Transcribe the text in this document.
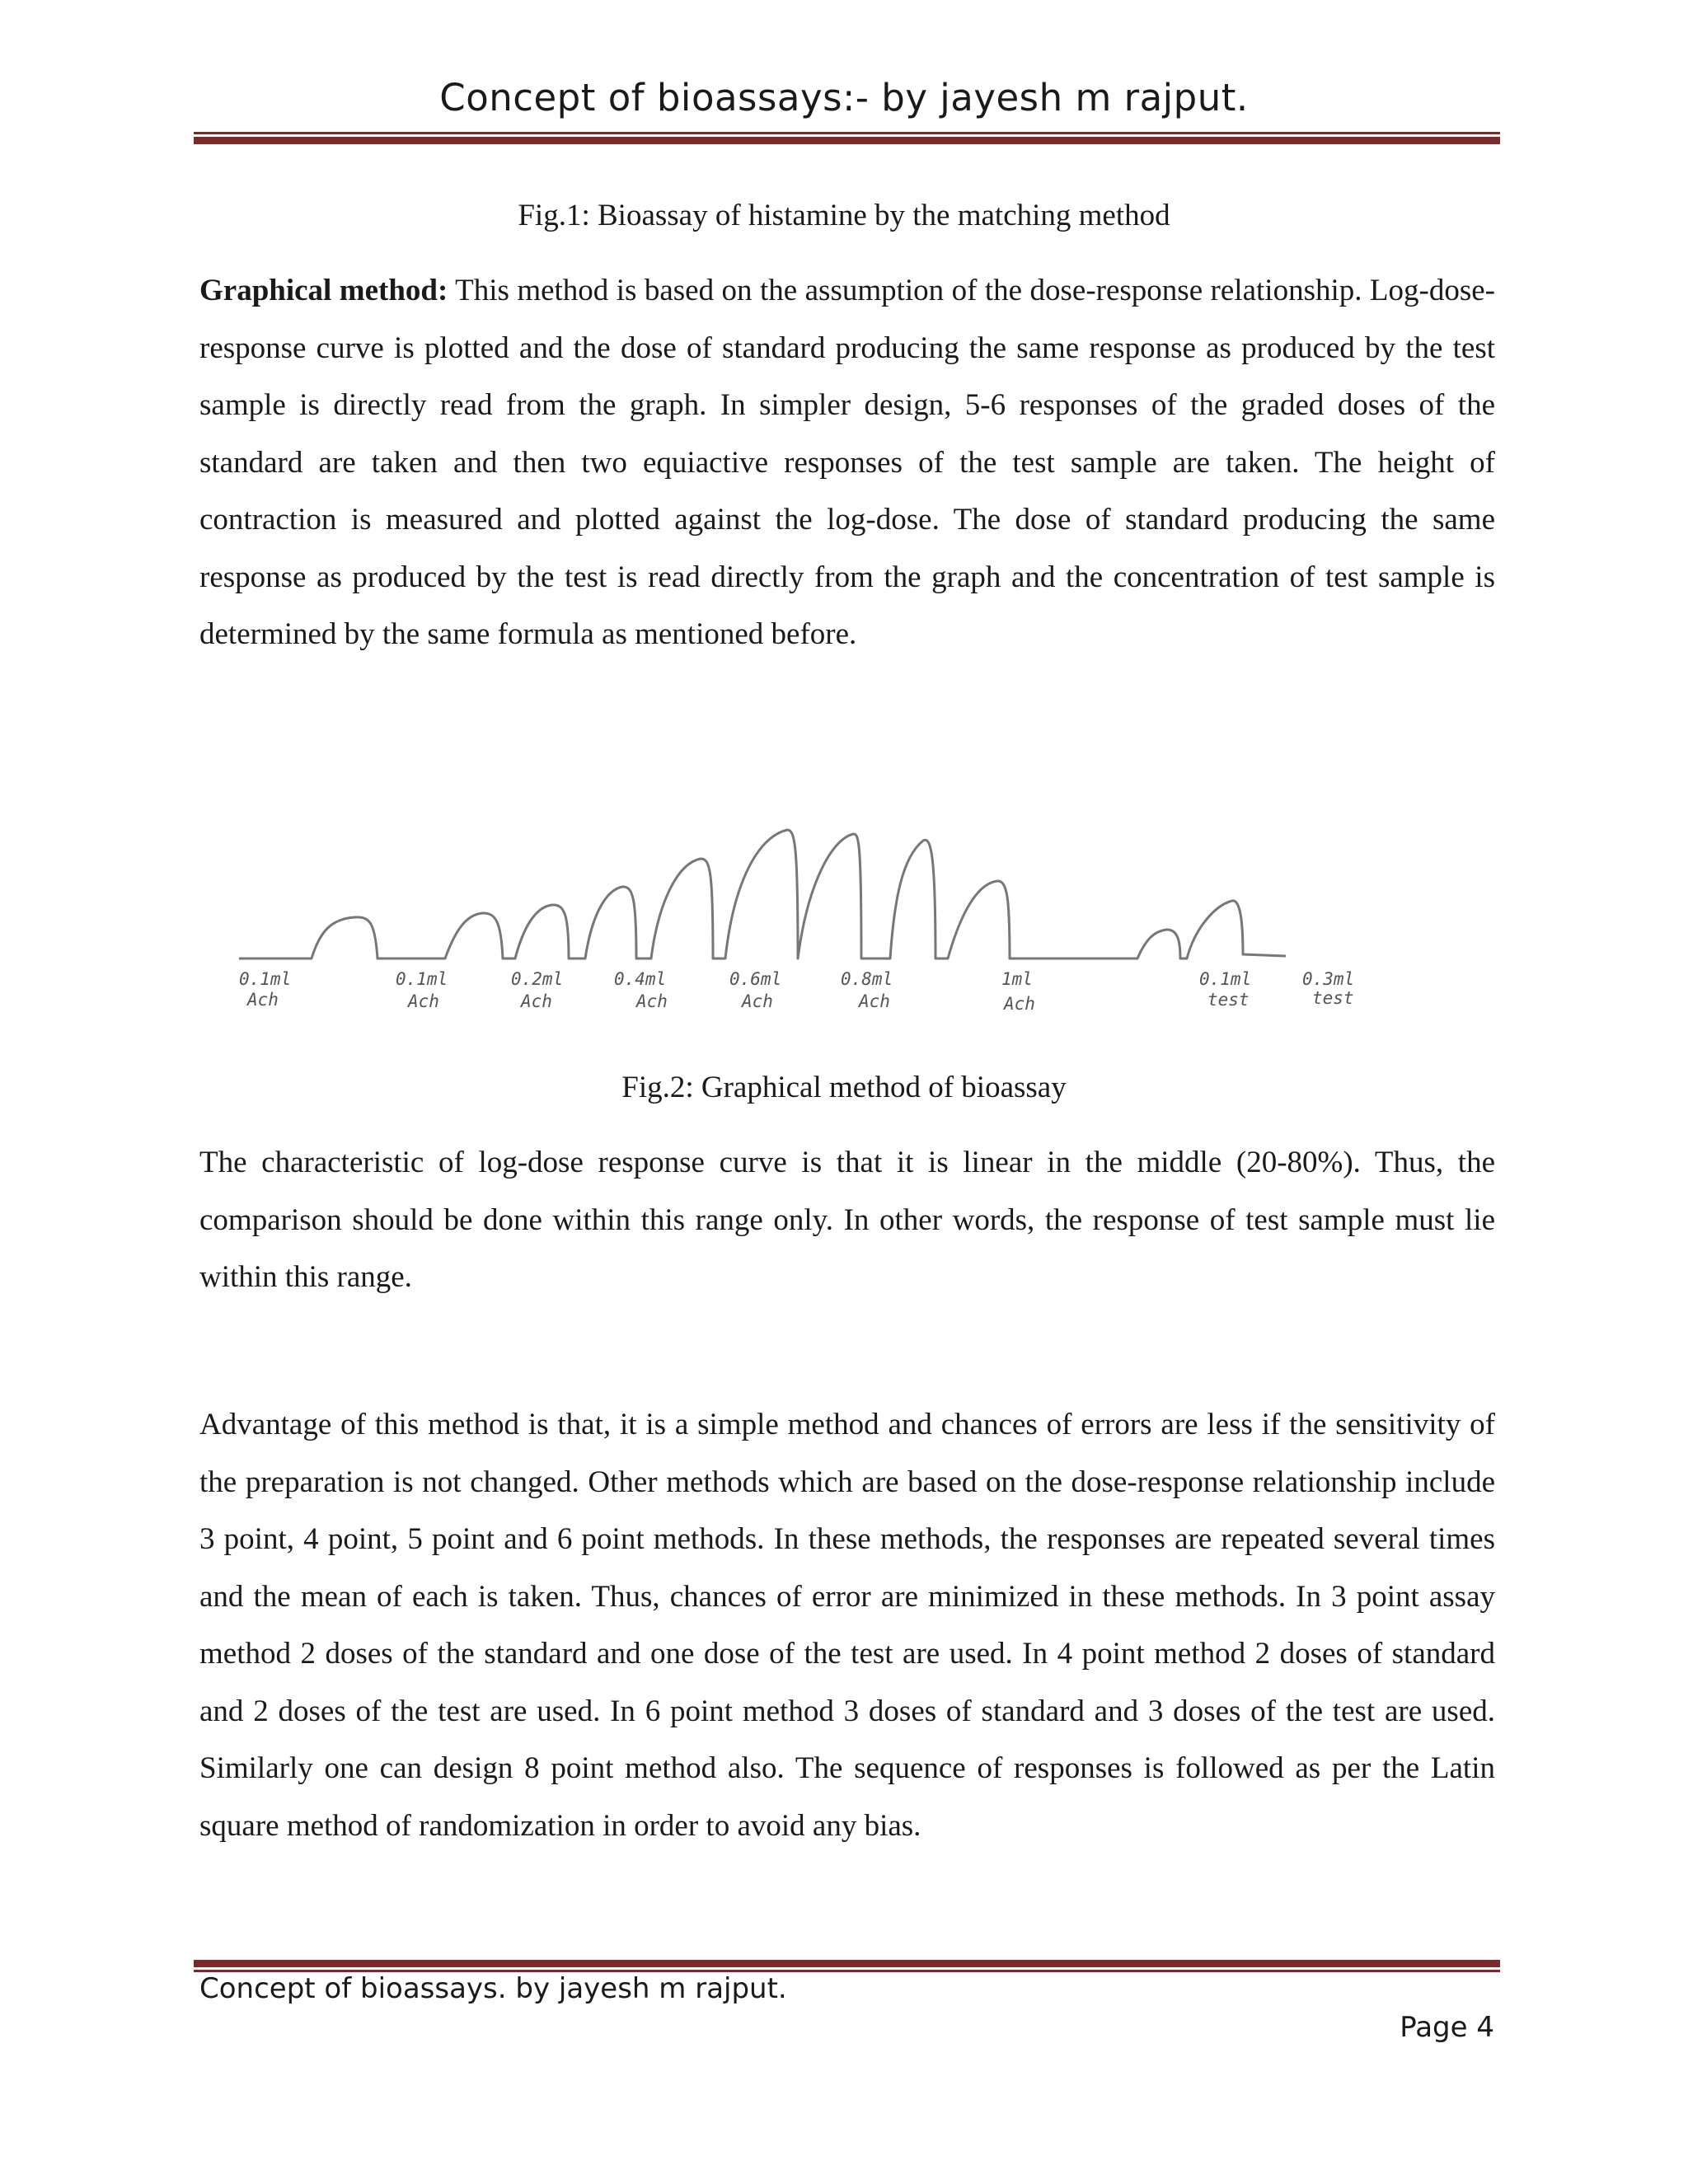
Concept of bioassays:- by jayesh m rajput.
Fig.1: Bioassay of histamine by the matching method

Graphical method: This method is based on the assumption of the dose-response relationship. Log-dose-response curve is plotted and the dose of standard producing the same response as produced by the test sample is directly read from the graph. In simpler design, 5-6 responses of the graded doses of the standard are taken and then two equiactive responses of the test sample are taken. The height of contraction is measured and plotted against the log-dose. The dose of standard producing the same response as produced by the test is read directly from the graph and the concentration of test sample is determined by the same formula as mentioned before.

0.1ml
Ach
0.1ml
Ach
0.2ml
Ach
0.4ml
Ach
0.6ml
Ach
0.8ml
Ach
1ml
Ach
0.1ml
test
0.3ml
test
Fig.2: Graphical method of bioassay

The characteristic of log-dose response curve is that it is linear in the middle (20-80%). Thus, the comparison should be done within this range only. In other words, the response of test sample must lie within this range.

Advantage of this method is that, it is a simple method and chances of errors are less if the sensitivity of the preparation is not changed. Other methods which are based on the dose-response relationship include 3 point, 4 point, 5 point and 6 point methods. In these methods, the responses are repeated several times and the mean of each is taken. Thus, chances of error are minimized in these methods. In 3 point assay method 2 doses of the standard and one dose of the test are used. In 4 point method 2 doses of standard and 2 doses of the test are used. In 6 point method 3 doses of standard and 3 doses of the test are used. Similarly one can design 8 point method also. The sequence of responses is followed as per the Latin square method of randomization in order to avoid any bias.

Concept of bioassays. by jayesh m rajput.
Page 4
